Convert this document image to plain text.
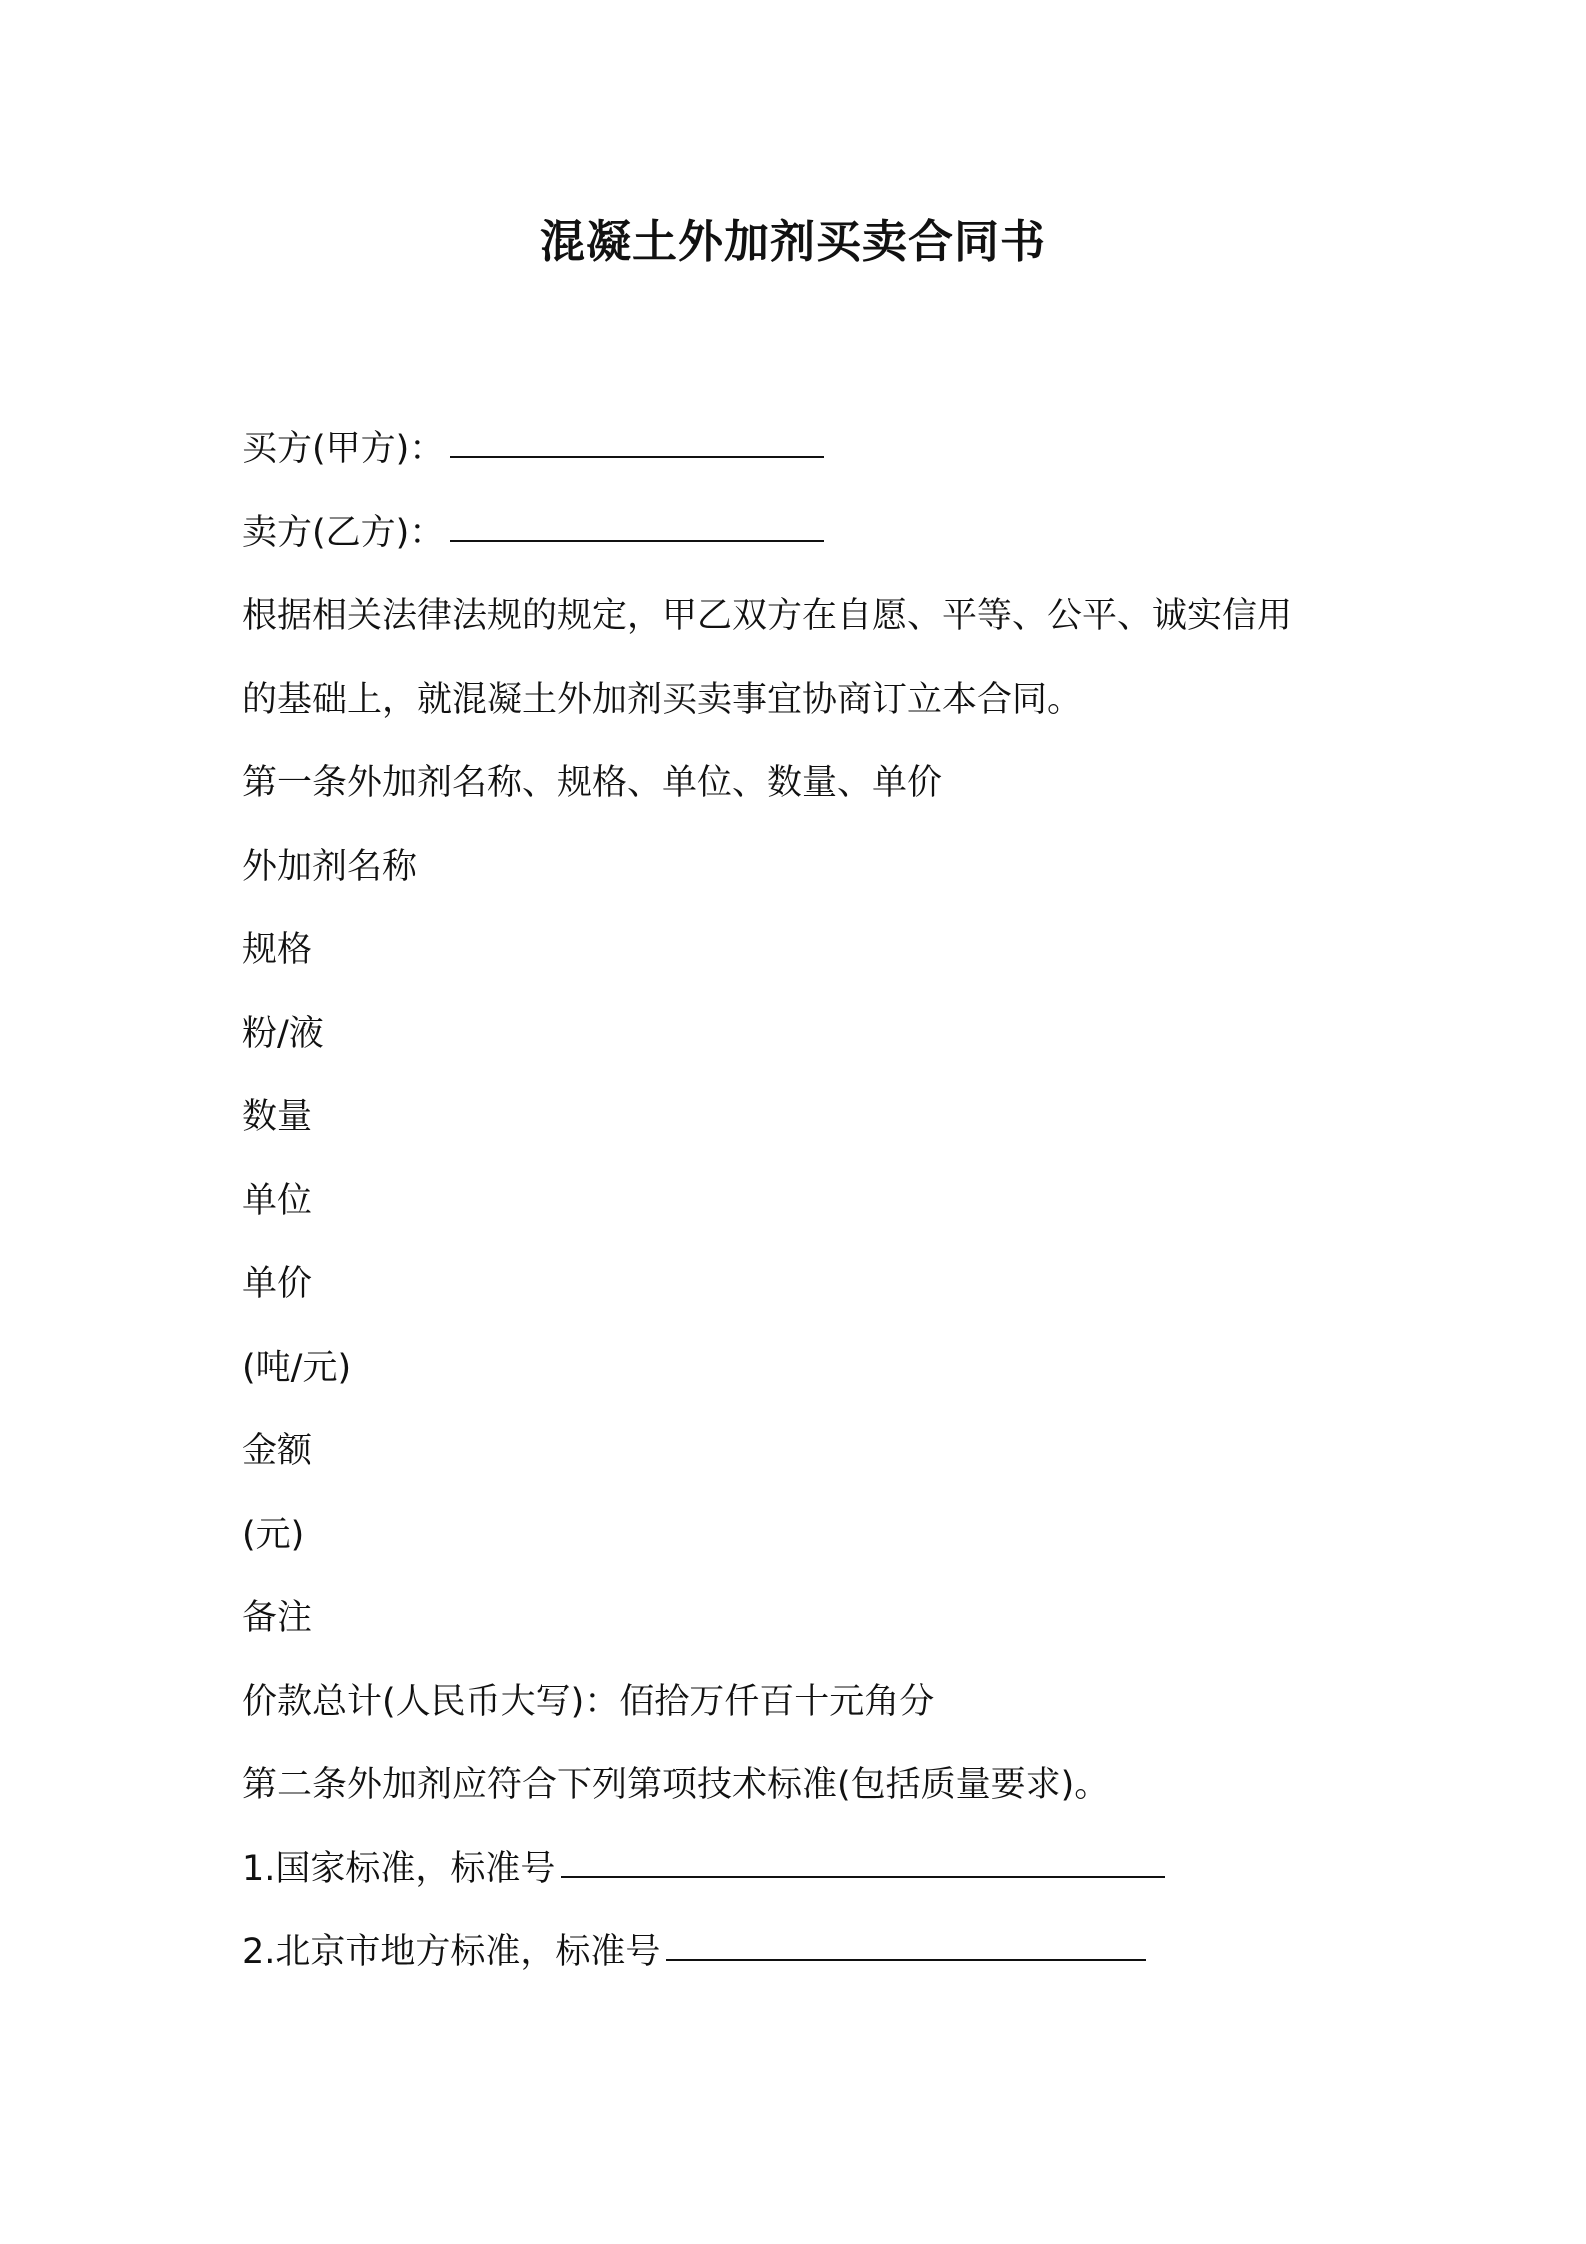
混凝土外加剂买卖合同书

买方(甲方)：

卖方(乙方)：

根据相关法律法规的规定，甲乙双方在自愿、平等、公平、诚实信用

的基础上，就混凝土外加剂买卖事宜协商订立本合同。

第一条外加剂名称、规格、单位、数量、单价

外加剂名称

规格

粉/液

数量

单位

单价

(吨/元)

金额

(元)

备注

价款总计(人民币大写)：佰拾万仟百十元角分

第二条外加剂应符合下列第项技术标准(包括质量要求)。

1.国家标准，标准号

2.北京市地方标准，标准号
